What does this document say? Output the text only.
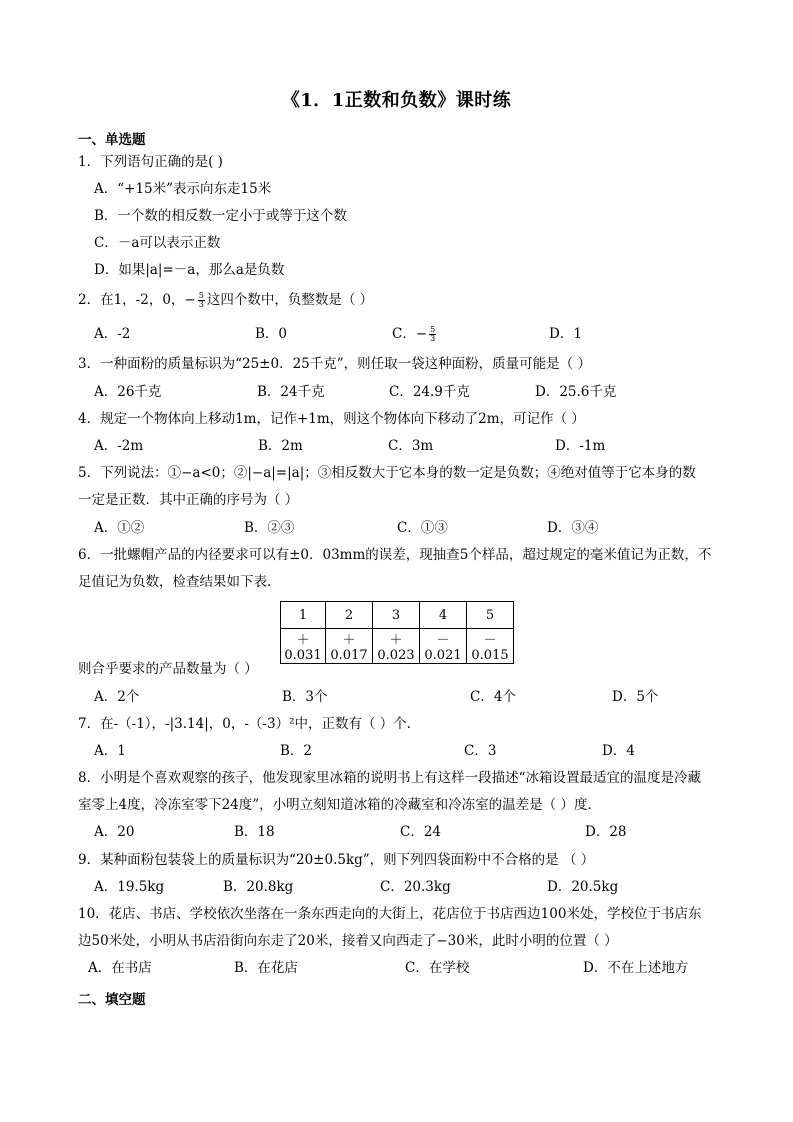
《1．1正数和负数》课时练
一、单选题
1．下列语句正确的是( )
A．“+15米”表示向东走15米
B．一个数的相反数一定小于或等于这个数
C．－a可以表示正数
D．如果|a|=－a，那么a是负数
2．在1，-2，0，− $\frac{5}{3}$ 这四个数中，负整数是（ ）
A．-2	B．0	C．− $\frac{5}{3}$	D．1
3．一种面粉的质量标识为“25±0．25千克”，则任取一袋这种面粉，质量可能是（ ）
A．26千克	B．24千克	C．24.9千克	D．25.6千克
4．规定一个物体向上移动1m，记作+1m，则这个物体向下移动了2m，可记作（ ）
A．-2m	B．2m	C．3m	D．-1m
5．下列说法：①−a<0；②|−a|=|a|；③相反数大于它本身的数一定是负数；④绝对值等于它本身的数
一定是正数．其中正确的序号为（ ）
A．①②	B．②③	C．①③	D．③④
6．一批螺帽产品的内径要求可以有±0．03mm的误差，现抽查5个样品，超过规定的毫米值记为正数，不
足值记为负数，检查结果如下表．
1	2	3	4	5
＋0.031	＋0.017	＋0.023	－0.021	－0.015
则合乎要求的产品数量为（ ）
A．2个	B．3个	C．4个	D．5个
7．在-（-1），-|3.14|，0，-（-3）²中，正数有（ ）个．
A．1	B．2	C．3	D．4
8．小明是个喜欢观察的孩子，他发现家里冰箱的说明书上有这样一段描述“冰箱设置最适宜的温度是冷藏
室零上4度，冷冻室零下24度”，小明立刻知道冰箱的冷藏室和冷冻室的温差是（ ）度．
A．20	B．18	C．24	D．28
9．某种面粉包装袋上的质量标识为“20±0.5kg”，则下列四袋面粉中不合格的是 （ ）
A．19.5kg	B．20.8kg	C．20.3kg	D．20.5kg
10．花店、书店、学校依次坐落在一条东西走向的大街上，花店位于书店西边100米处，学校位于书店东
边50米处，小明从书店沿街向东走了20米，接着又向西走了−30米，此时小明的位置（ ）
A．在书店	B．在花店	C．在学校	D．不在上述地方
二、填空题
